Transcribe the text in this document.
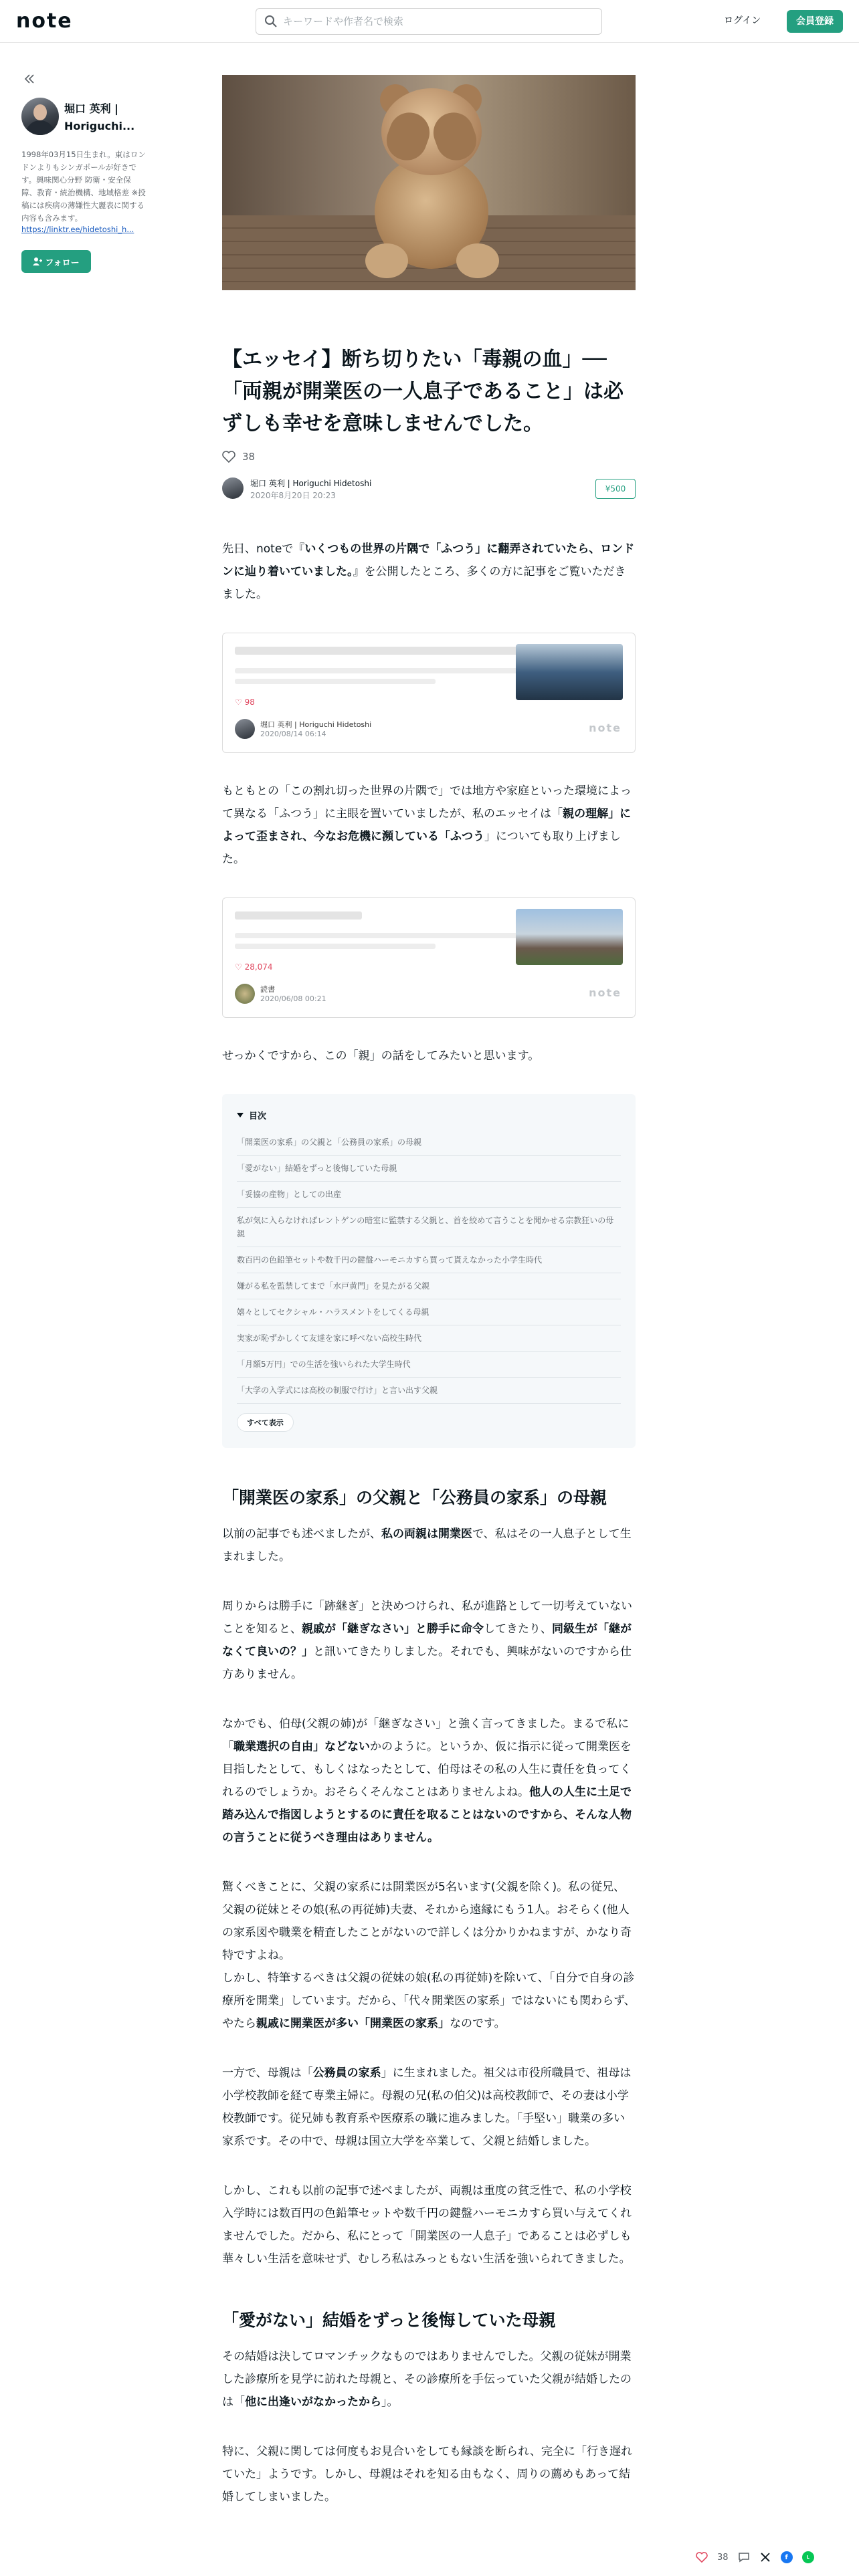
note
キーワードや作者名で検索	ログイン	会員登録
堀口 英利 | Horiguchi...
1998年03月15日生まれ。東はロンドンよりもシンガポールが好きです。興味関心分野 防衛・安全保障、教育・統治機構、地域格差 ※投稿には疾病の薄嫌性大麗表に関する内容も含みます。
https://linktr.ee/hidetoshi_h...
フォロー
【エッセイ】断ち切りたい「毒親の血」──「両親が開業医の一人息子であること」は必ずしも幸せを意味しませんでした。
38
堀口 英利 | Horiguchi Hidetoshi
2020年8月20日 20:23
¥500

先日、noteで『いくつもの世界の片隅で「ふつう」に翻弄されていたら、ロンドンに辿り着いていました。』を公開したところ、多くの方に記事をご覧いただきました。

♡ 98
堀口 英利 | Horiguchi Hidetoshi
2020/08/14 06:14	note

もともとの「この割れ切った世界の片隅で」では地方や家庭といった環境によって異なる「ふつう」に主眼を置いていましたが、私のエッセイは「親の理解」によって歪まされ、今なお危機に瀕している「ふつう」についても取り上げました。

♡ 28,074
読書
2020/06/08 00:21	note

せっかくですから、この「親」の話をしてみたいと思います。

目次
「開業医の家系」の父親と「公務員の家系」の母親
「愛がない」結婚をずっと後悔していた母親
「妥協の産物」としての出産
私が気に入らなければレントゲンの暗室に監禁する父親と、首を絞めて言うことを聞かせる宗教狂いの母親
数百円の色鉛筆セットや数千円の鍵盤ハーモニカすら買って貰えなかった小学生時代
嫌がる私を監禁してまで「水戸黄門」を見たがる父親
嬉々としてセクシャル・ハラスメントをしてくる母親
実家が恥ずかしくて友達を家に呼べない高校生時代
「月額5万円」での生活を強いられた大学生時代
「大学の入学式には高校の制服で行け」と言い出す父親
すべて表示
「開業医の家系」の父親と「公務員の家系」の母親

以前の記事でも述べましたが、私の両親は開業医で、私はその一人息子として生まれました。

周りからは勝手に「跡継ぎ」と決めつけられ、私が進路として一切考えていないことを知ると、親戚が「継ぎなさい」と勝手に命令してきたり、同級生が「継がなくて良いの？」と訊いてきたりしました。それでも、興味がないのですから仕方ありません。

なかでも、伯母(父親の姉)が「継ぎなさい」と強く言ってきました。まるで私に「職業選択の自由」などないかのように。というか、仮に指示に従って開業医を目指したとして、もしくはなったとして、伯母はその私の人生に責任を負ってくれるのでしょうか。おそらくそんなことはありませんよね。他人の人生に土足で踏み込んで指図しようとするのに責任を取ることはないのですから、そんな人物の言うことに従うべき理由はありません。

驚くべきことに、父親の家系には開業医が5名います(父親を除く)。私の従兄、父親の従妹とその娘(私の再従姉)夫妻、それから遠縁にもう1人。おそらく(他人の家系図や職業を精査したことがないので詳しくは分かりかねますが、かなり奇特ですよね。
しかし、特筆するべきは父親の従妹の娘(私の再従姉)を除いて、「自分で自身の診療所を開業」しています。だから、「代々開業医の家系」ではないにも関わらず、やたら親戚に開業医が多い「開業医の家系」なのです。

一方で、母親は「公務員の家系」に生まれました。祖父は市役所職員で、祖母は小学校教師を経て専業主婦に。母親の兄(私の伯父)は高校教師で、その妻は小学校教師です。従兄姉も教育系や医療系の職に進みました。「手堅い」職業の多い家系です。その中で、母親は国立大学を卒業して、父親と結婚しました。

しかし、これも以前の記事で述べましたが、両親は重度の貧乏性で、私の小学校入学時には数百円の色鉛筆セットや数千円の鍵盤ハーモニカすら買い与えてくれませんでした。だから、私にとって「開業医の一人息子」であることは必ずしも華々しい生活を意味せず、むしろ私はみっともない生活を強いられてきました。

「愛がない」結婚をずっと後悔していた母親

その結婚は決してロマンチックなものではありませんでした。父親の従妹が開業した診療所を見学に訪れた母親と、その診療所を手伝っていた父親が結婚したのは「他に出逢いがなかったから」。

特に、父親に関しては何度もお見合いをしても縁談を断られ、完全に「行き遅れていた」ようです。しかし、母親はそれを知る由もなく、周りの薦めもあって結婚してしまいました。

38	f	L
